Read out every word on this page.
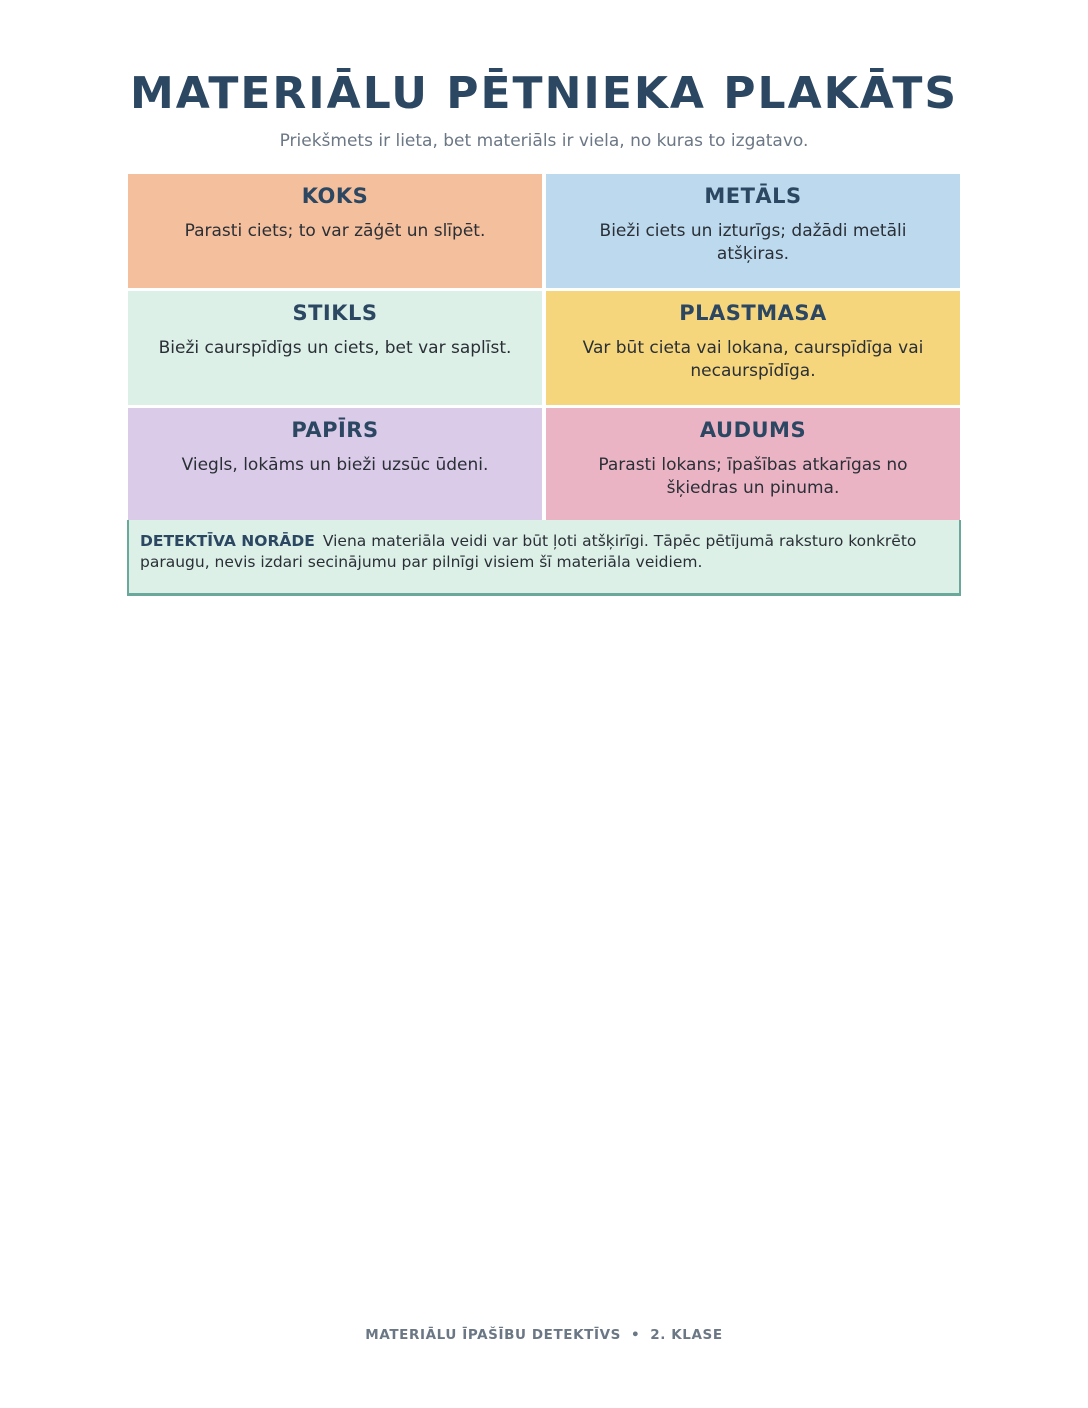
MATERIĀLU PĒTNIEKA PLAKĀTS

Priekšmets ir lieta, bet materiāls ir viela, no kuras to izgatavo.

KOKS

Parasti ciets; to var zāģēt un slīpēt.

METĀLS

Bieži ciets un izturīgs; dažādi metāli atšķiras.

STIKLS

Bieži caurspīdīgs un ciets, bet var saplīst.

PLASTMASA

Var būt cieta vai lokana, caurspīdīga vai necaurspīdīga.

PAPĪRS

Viegls, lokāms un bieži uzsūc ūdeni.

AUDUMS

Parasti lokans; īpašības atkarīgas no šķiedras un pinuma.

DETEKTĪVA NORĀDE Viena materiāla veidi var būt ļoti atšķirīgi. Tāpēc pētījumā raksturo konkrēto paraugu, nevis izdari secinājumu par pilnīgi visiem šī materiāla veidiem.
MATERIĀLU ĪPAŠĪBU DETEKTĪVS • 2. KLASE
